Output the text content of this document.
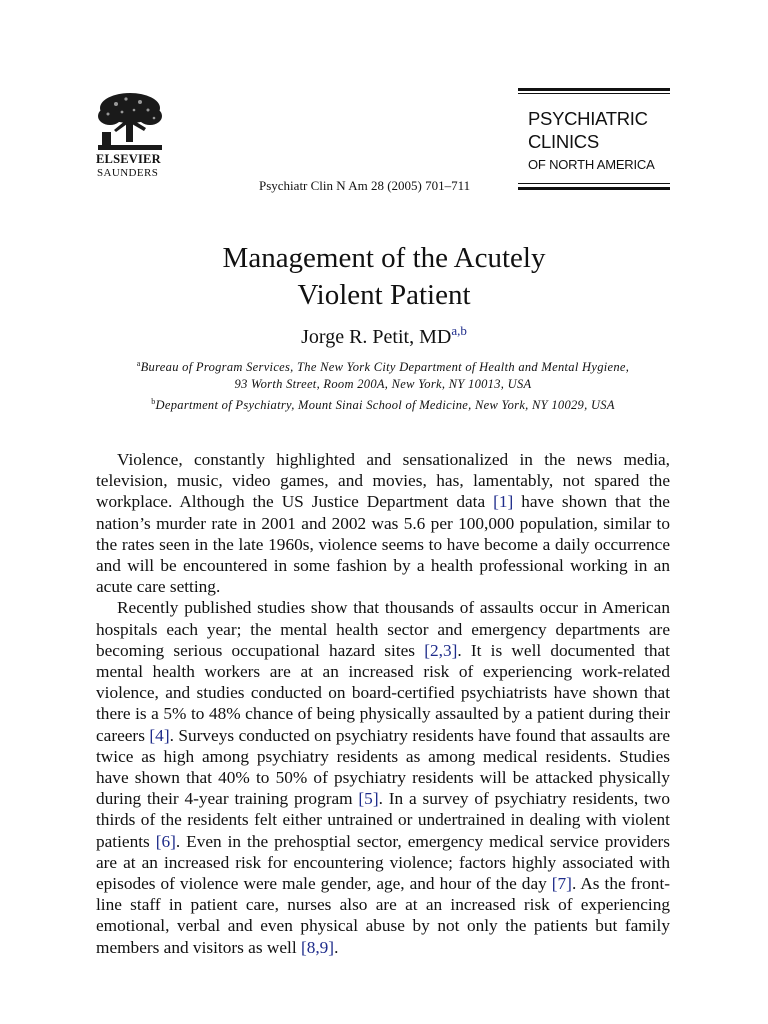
ELSEVIER
SAUNDERS
Psychiatr Clin N Am 28 (2005) 701–711
PSYCHIATRIC
CLINICS
OF NORTH AMERICA
Management of the Acutely
Violent Patient
Jorge R. Petit, MD$^{a,b}$
$^a$Bureau of Program Services, The New York City Department of Health and Mental Hygiene,
93 Worth Street, Room 200A, New York, NY 10013, USA
$^b$Department of Psychiatry, Mount Sinai School of Medicine, New York, NY 10029, USA

Violence, constantly highlighted and sensationalized in the news media, television, music, video games, and movies, has, lamentably, not spared the workplace. Although the US Justice Department data [1] have shown that the nation’s murder rate in 2001 and 2002 was 5.6 per 100,000 population, similar to the rates seen in the late 1960s, violence seems to have become a daily occurrence and will be encountered in some fashion by a health professional working in an acute care setting.

Recently published studies show that thousands of assaults occur in American hospitals each year; the mental health sector and emergency departments are becoming serious occupational hazard sites [2,3]. It is well documented that mental health workers are at an increased risk of experiencing work-related violence, and studies conducted on board-certified psychiatrists have shown that there is a 5% to 48% chance of being physically assaulted by a patient during their careers [4]. Surveys conducted on psychiatry residents have found that assaults are twice as high among psychiatry residents as among medical residents. Studies have shown that 40% to 50% of psychiatry residents will be attacked physically during their 4-year training program [5]. In a survey of psychiatry residents, two thirds of the residents felt either untrained or undertrained in dealing with violent patients [6]. Even in the prehosptial sector, emergency medical service providers are at an increased risk for encountering violence; factors highly associated with episodes of violence were male gender, age, and hour of the day [7]. As the front-line staff in patient care, nurses also are at an increased risk of experiencing emotional, verbal and even physical abuse by not only the patients but family members and visitors as well [8,9].
